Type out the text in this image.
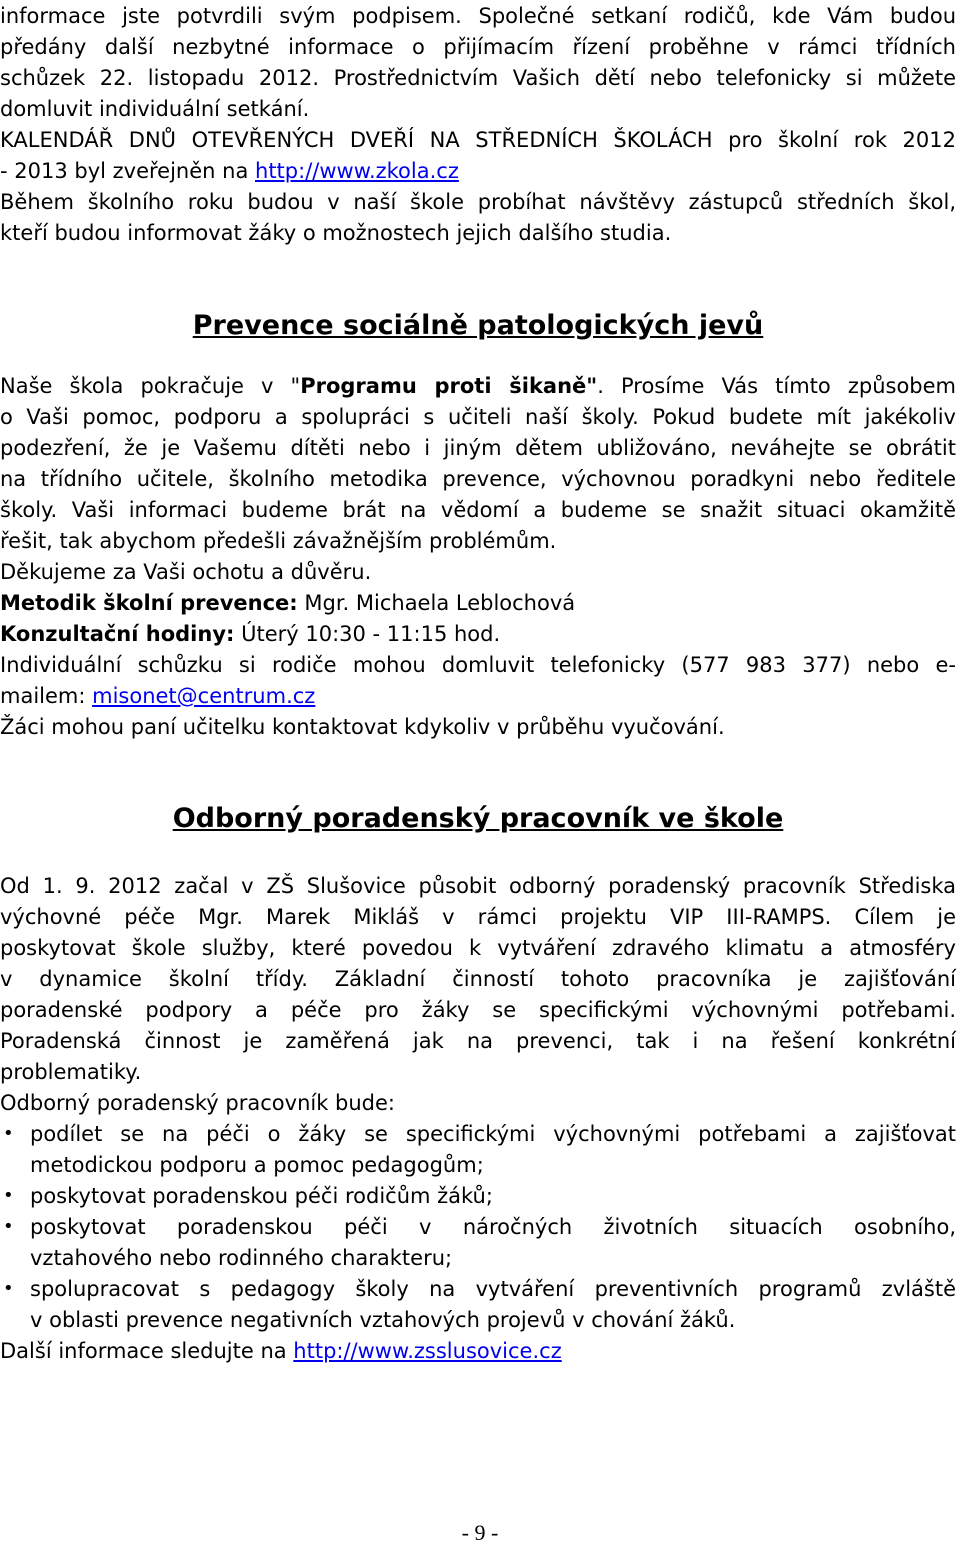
informace jste potvrdili svým podpisem. Společné setkaní rodičů, kde Vám budou
předány další nezbytné informace o přijímacím řízení proběhne v rámci třídních
schůzek 22. listopadu 2012. Prostřednictvím Vašich dětí nebo telefonicky si můžete
domluvit individuální setkání.
KALENDÁŘ DNŮ OTEVŘENÝCH DVEŘÍ NA STŘEDNÍCH ŠKOLÁCH pro školní rok 2012
- 2013 byl zveřejněn na http://www.zkola.cz
Během školního roku budou v naší škole probíhat návštěvy zástupců středních škol,
kteří budou informovat žáky o možnostech jejich dalšího studia.
Prevence sociálně patologických jevů
Naše škola pokračuje v "Programu proti šikaně". Prosíme Vás tímto způsobem
o Vaši pomoc, podporu a spolupráci s učiteli naší školy. Pokud budete mít jakékoliv
podezření, že je Vašemu dítěti nebo i jiným dětem ubližováno, neváhejte se obrátit
na třídního učitele, školního metodika prevence, výchovnou poradkyni nebo ředitele
školy. Vaši informaci budeme brát na vědomí a budeme se snažit situaci okamžitě
řešit, tak abychom předešli závažnějším problémům.
Děkujeme za Vaši ochotu a důvěru.
Metodik školní prevence: Mgr. Michaela Leblochová
Konzultační hodiny: Úterý 10:30 - 11:15 hod.
Individuální schůzku si rodiče mohou domluvit telefonicky (577 983 377) nebo e-
mailem: misonet@centrum.cz
Žáci mohou paní učitelku kontaktovat kdykoliv v průběhu vyučování.
Odborný poradenský pracovník ve škole
Od 1. 9. 2012 začal v ZŠ Slušovice působit odborný poradenský pracovník Střediska
výchovné péče Mgr. Marek Mikláš v rámci projektu VIP III-RAMPS. Cílem je
poskytovat škole služby, které povedou k vytváření zdravého klimatu a atmosféry
v dynamice školní třídy. Základní činností tohoto pracovníka je zajišťování
poradenské podpory a péče pro žáky se specifickými výchovnými potřebami.
Poradenská činnost je zaměřená jak na prevenci, tak i na řešení konkrétní
problematiky.
Odborný poradenský pracovník bude:
• podílet se na péči o žáky se specifickými výchovnými potřebami a zajišťovat
metodickou podporu a pomoc pedagogům;
• poskytovat poradenskou péči rodičům žáků;
• poskytovat poradenskou péči v náročných životních situacích osobního,
vztahového nebo rodinného charakteru;
• spolupracovat s pedagogy školy na vytváření preventivních programů zvláště
v oblasti prevence negativních vztahových projevů v chování žáků.
Další informace sledujte na http://www.zsslusovice.cz
- 9 -
